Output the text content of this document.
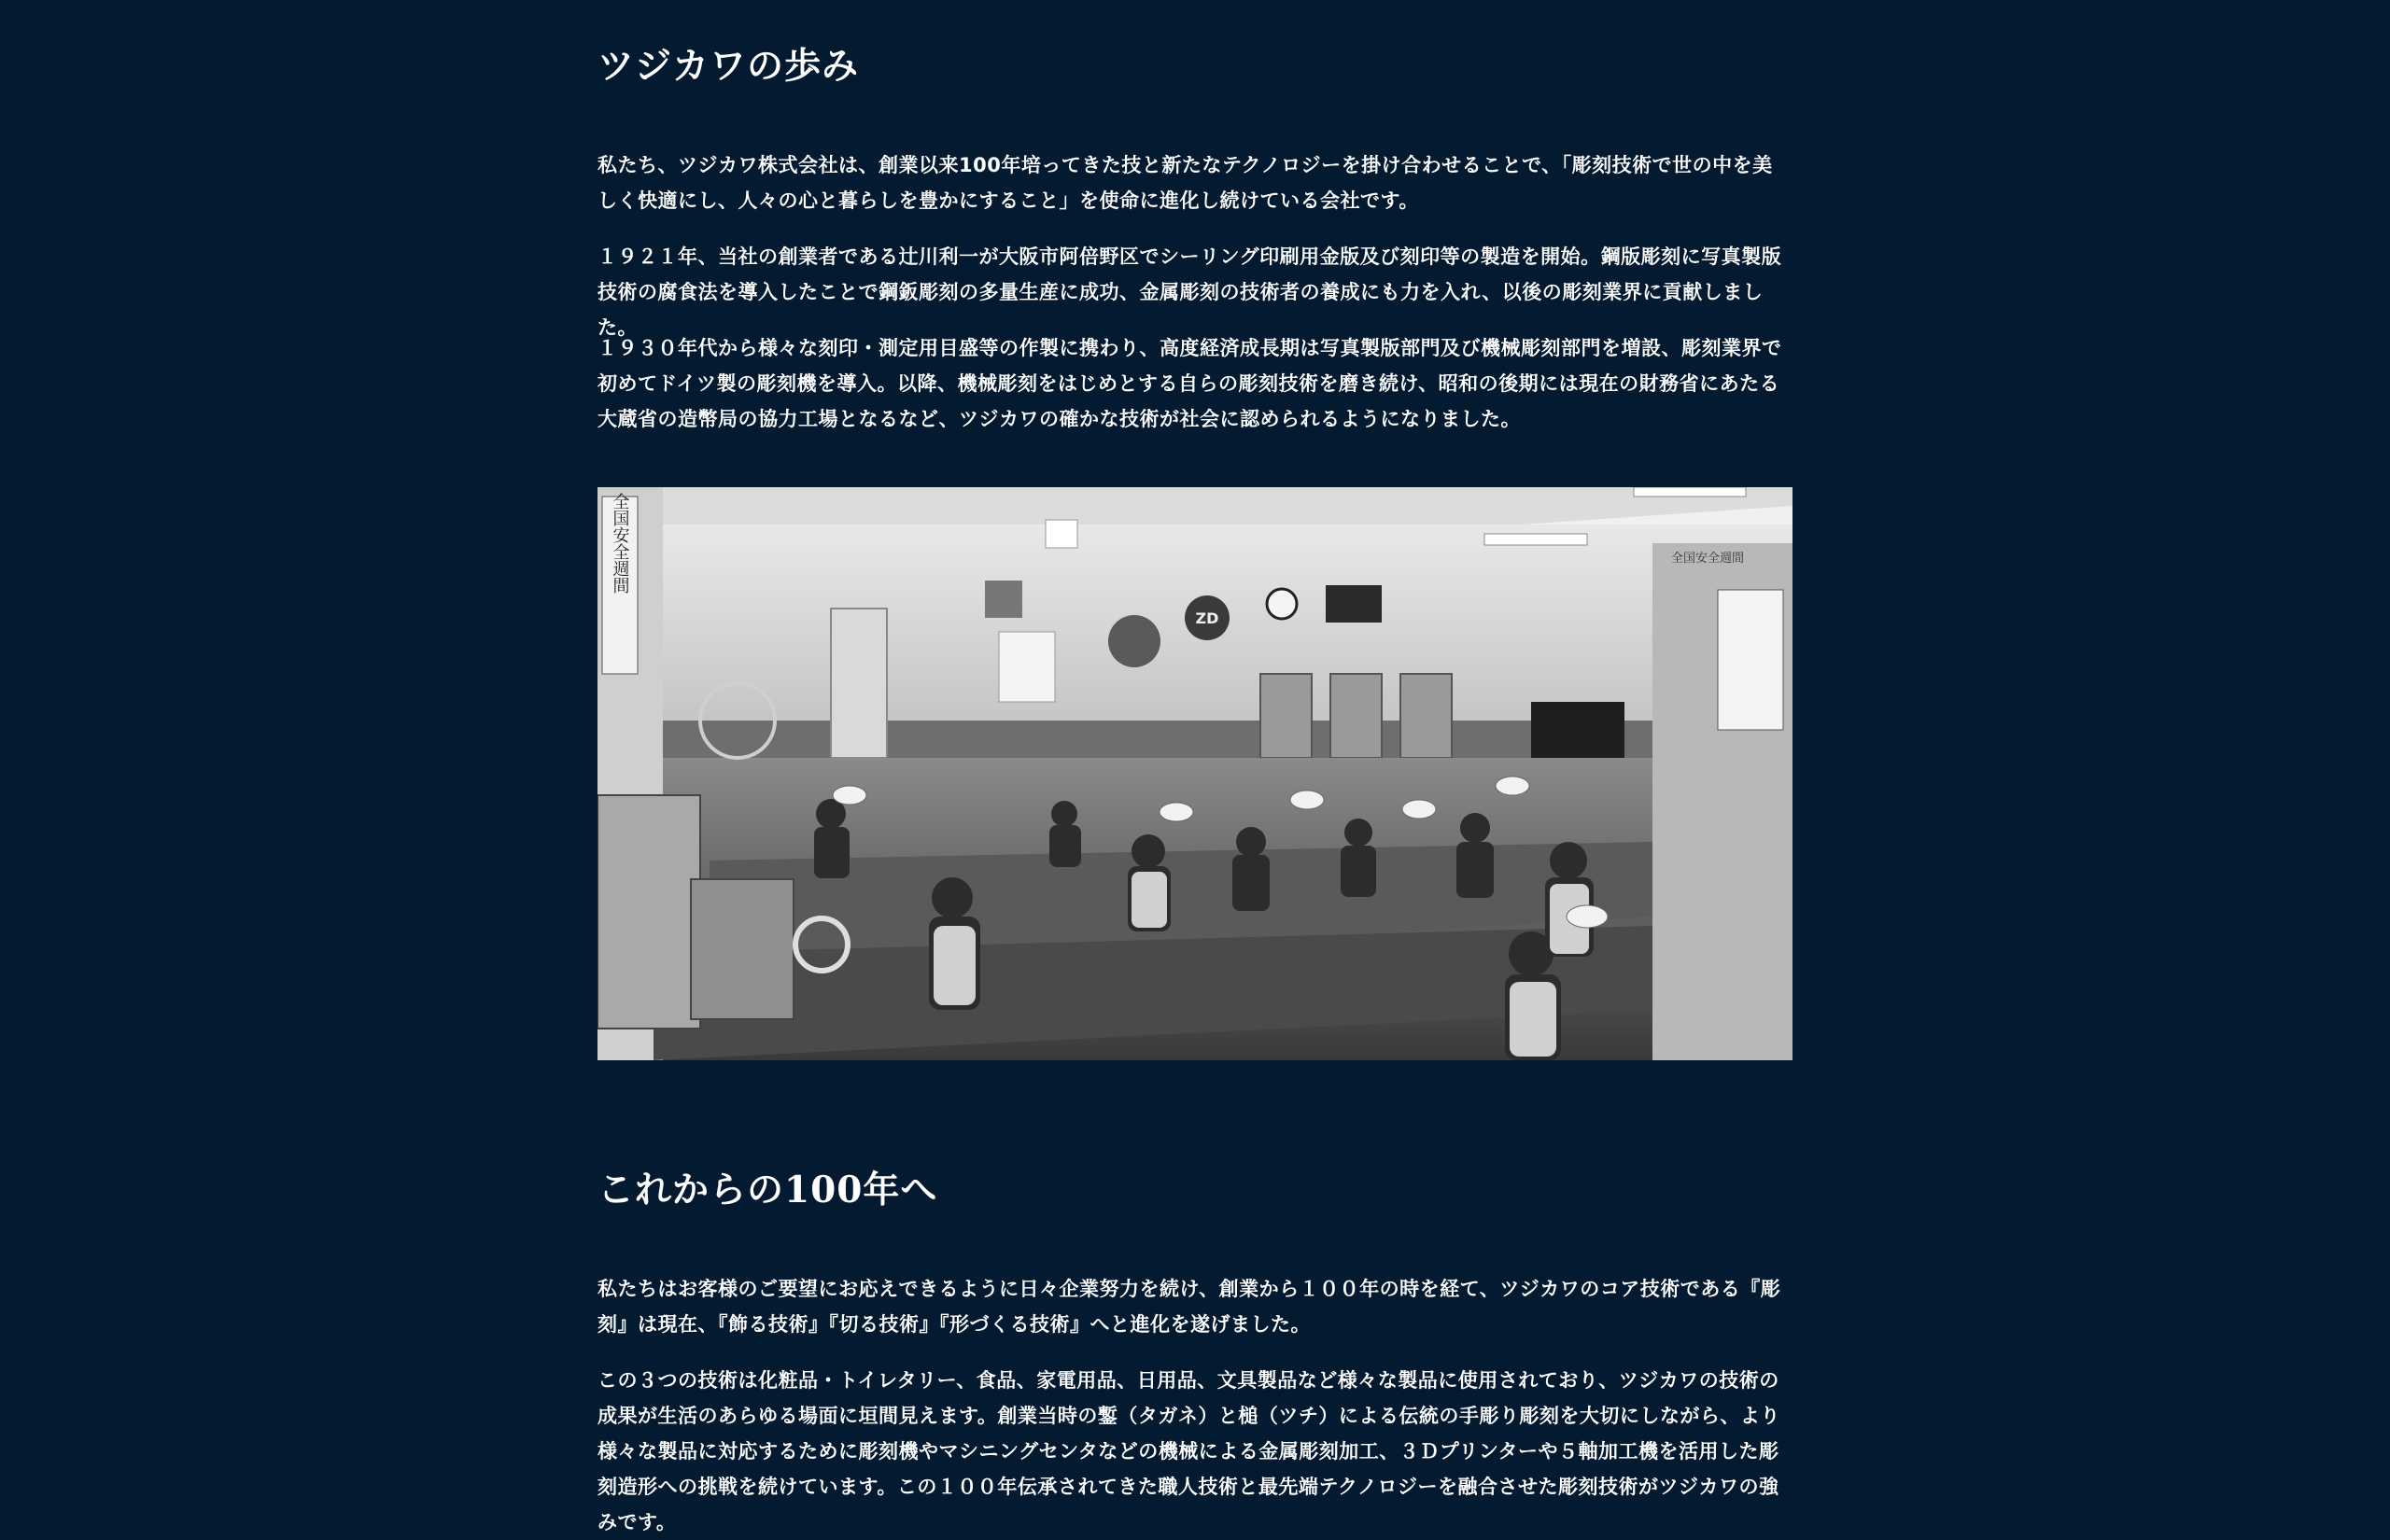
ツジカワの歩み

私たち、ツジカワ株式会社は、創業以来100年培ってきた技と新たなテクノロジーを掛け合わせることで、「彫刻技術で世の中を美しく快適にし、人々の心と暮らしを豊かにすること」を使命に進化し続けている会社です。

１９２１年、当社の創業者である辻川利一が大阪市阿倍野区でシーリング印刷用金版及び刻印等の製造を開始。鋼版彫刻に写真製版技術の腐食法を導入したことで鋼鈑彫刻の多量生産に成功、金属彫刻の技術者の養成にも力を入れ、以後の彫刻業界に貢献しました。

１９３０年代から様々な刻印・測定用目盛等の作製に携わり、高度経済成長期は写真製版部門及び機械彫刻部門を増設、彫刻業界で初めてドイツ製の彫刻機を導入。以降、機械彫刻をはじめとする自らの彫刻技術を磨き続け、昭和の後期には現在の財務省にあたる大蔵省の造幣局の協力工場となるなど、ツジカワの確かな技術が社会に認められるようになりました。

全国安全週間	全国安全週間
ZD
これからの100年へ

私たちはお客様のご要望にお応えできるように日々企業努力を続け、創業から１００年の時を経て、ツジカワのコア技術である『彫刻』は現在、『飾る技術』『切る技術』『形づくる技術』へと進化を遂げました。

この３つの技術は化粧品・トイレタリー、食品、家電用品、日用品、文具製品など様々な製品に使用されており、ツジカワの技術の成果が生活のあらゆる場面に垣間見えます。創業当時の鏨（タガネ）と槌（ツチ）による伝統の手彫り彫刻を大切にしながら、より様々な製品に対応するために彫刻機やマシニングセンタなどの機械による金属彫刻加工、３Ｄプリンターや５軸加工機を活用した彫刻造形への挑戦を続けています。この１００年伝承されてきた職人技術と最先端テクノロジーを融合させた彫刻技術がツジカワの強みです。
